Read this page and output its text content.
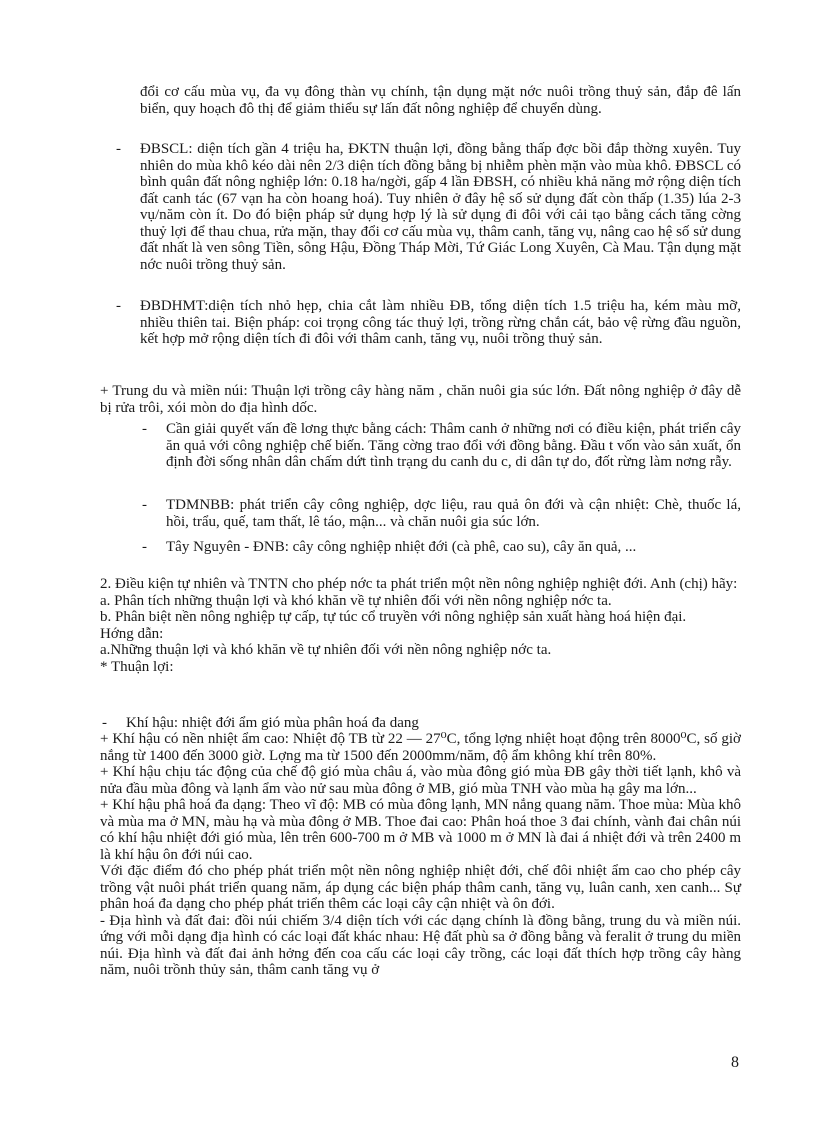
đổi cơ cấu mùa vụ, đa vụ đông thàn vụ chính, tận dụng mặt nớc nuôi trồng thuỷ sản, đắp đê lấn biển, quy hoạch đô thị để giảm thiểu sự lấn đất nông nghiệp để chuyển dùng.

-	ĐBSCL: diện tích gần 4 triệu ha, ĐKTN thuận lợi, đồng bằng thấp đợc bồi đắp thờng xuyên. Tuy nhiên do mùa khô kéo dài nên 2/3 diện tích đồng bằng bị nhiễm phèn mặn vào mùa khô. ĐBSCL có bình quân đất nông nghiệp lớn: 0.18 ha/ngời, gấp 4 lần ĐBSH, có nhiều khả năng mở rộng diện tích đất canh tác (67 vạn ha còn hoang hoá). Tuy nhiên ở đây hệ số sử dụng đất còn thấp (1.35) lúa 2-3 vụ/năm còn ít. Do đó biện pháp sử dụng hợp lý là sử dụng đi đôi với cải tạo bằng cách tăng cờng thuỷ lợi để thau chua, rửa mặn, thay đổi cơ cấu mùa vụ, thâm canh, tăng vụ, nâng cao hệ số sử dung đất nhất là ven sông Tiền, sông Hậu, Đồng Tháp Mời, Tứ Giác Long Xuyên, Cà Mau. Tận dụng mặt nớc nuôi trồng thuỷ sản.

-	ĐBDHMT:diện tích nhỏ hẹp, chia cắt làm nhiều ĐB, tổng diện tích 1.5 triệu ha, kém màu mỡ, nhiều thiên tai. Biện pháp: coi trọng công tác thuỷ lợi, trồng rừng chắn cát, bảo vệ rừng đầu nguồn, kết hợp mở rộng diện tích đi đôi với thâm canh, tăng vụ, nuôi trồng thuỷ sản.

+ Trung du và miền núi: Thuận lợi trồng cây hàng năm , chăn nuôi gia súc lớn. Đất nông nghiệp ở đây dễ bị rửa trôi, xói mòn do địa hình dốc.

-	Cần giải quyết vấn đề lơng thực bằng cách: Thâm canh ở những nơi có điều kiện, phát triển cây ăn quả với công nghiệp chế biến. Tăng cờng trao đổi với đồng bằng. Đầu t vốn vào sản xuất, ổn định đời sống nhân dân chấm dứt tình trạng du canh du c, di dân tự do, đốt rừng làm nơng rẫy.

-	TDMNBB: phát triển cây công nghiệp, dợc liệu, rau quả ôn đới và cận nhiệt: Chè, thuốc lá, hồi, trẩu, quế, tam thất, lê táo, mận... và chăn nuôi gia súc lớn.

-	Tây Nguyên - ĐNB: cây công nghiệp nhiệt đới (cà phê, cao su), cây ăn quả, ...

2. Điều kiện tự nhiên và TNTN cho phép nớc ta phát triển một nền nông nghiệp nghiệt đới. Anh (chị) hãy:

a. Phân tích những thuận lợi và khó khăn về tự nhiên đối với nền nông nghiệp nớc ta.

b. Phân biệt nền nông nghiệp tự cấp, tự túc cổ truyền với nông nghiệp sản xuất hàng hoá hiện đại.

Hớng dẫn:

a.Những thuận lợi và khó khăn về tự nhiên đối với nền nông nghiệp nớc ta.

* Thuận lợi:

-	Khí hậu: nhiệt đới ẩm gió mùa phân hoá đa dang

+ Khí hậu có nền nhiệt ẩm cao: Nhiệt độ TB từ 22 — 27⁰C, tổng lợng nhiệt hoạt động trên 8000⁰C, số giờ nắng từ 1400 đến 3000 giờ. Lợng ma từ 1500 đến 2000mm/năm, độ ẩm không khí trên 80%.

+ Khí hậu chịu tác động của chế độ gió mùa châu á, vào mùa đông gió mùa ĐB gây thời tiết lạnh, khô và nửa đầu mùa đông và lạnh ẩm vào nử sau mùa đông ở MB, gió mùa TNH vào mùa hạ gây ma lớn...

+ Khí hậu phâ hoá đa dạng: Theo vĩ độ: MB có mùa đông lạnh, MN nắng quang năm. Thoe mùa: Mùa khô và mùa ma ở MN, màu hạ và mùa đông ở MB. Thoe đai cao: Phân hoá thoe 3 đai chính, vành đai chân núi có khí hậu nhiệt đới gió mùa, lên trên 600-700 m ở MB và 1000 m ở MN là đai á nhiệt đới và trên 2400 m là khí hậu ôn đới núi cao.

Với đặc điểm đó cho phép phát triển một nền nông nghiệp nhiệt đới, chế đôi nhiệt ẩm cao cho phép cây trồng vật nuôi phát triển quang năm, áp dụng các biện pháp thâm canh, tăng vụ, luân canh, xen canh... Sự phân hoá đa dạng cho phép phát triển thêm các loại cây cận nhiệt và ôn đới.

- Địa hình và đất đai: đồi núi chiếm 3/4 diện tích với các dạng chính là đồng bằng, trung du và miền núi. ứng với mỗi dạng địa hình có các loại đất khác nhau: Hệ đất phù sa ở đồng bằng và feralit ở trung du miền núi. Địa hình và đất đai ảnh hởng đến coa cấu các loại cây trồng, các loại đất thích hợp trồng cây hàng năm, nuôi trồnh thủy sản, thâm canh tăng vụ ở

8
